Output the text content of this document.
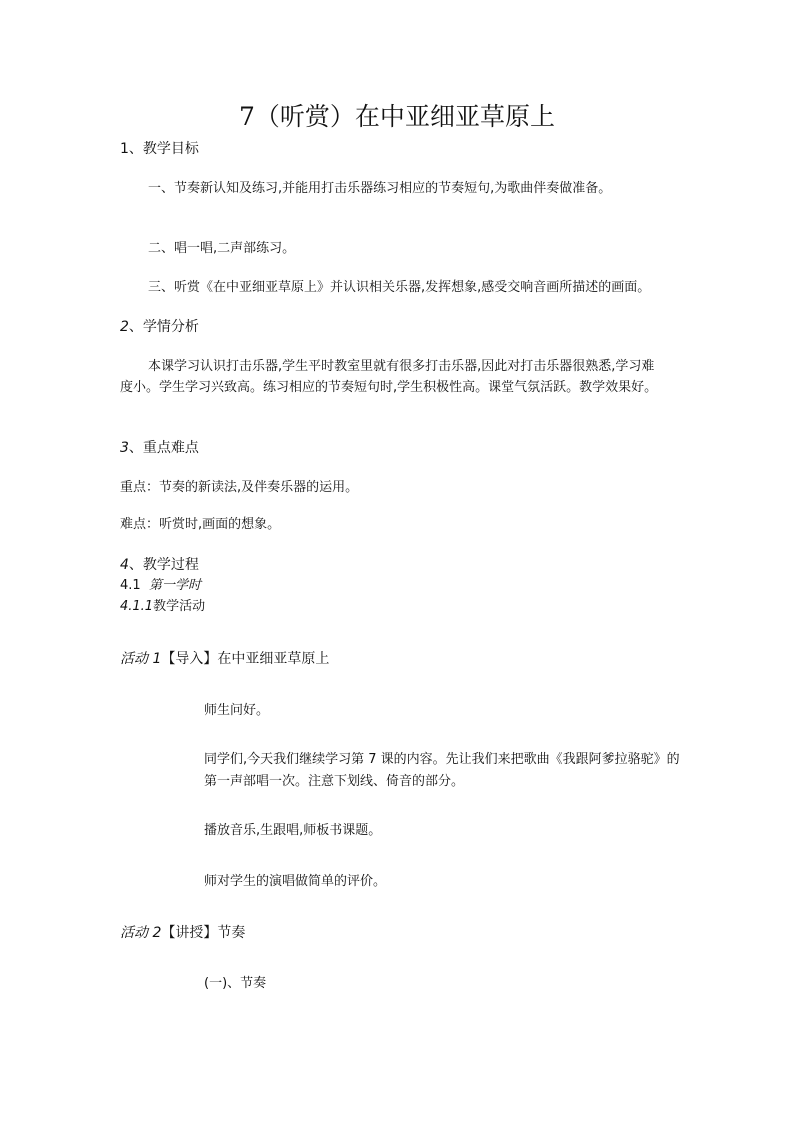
7（听赏）在中亚细亚草原上
1、教学目标
一、节奏新认知及练习,并能用打击乐器练习相应的节奏短句,为歌曲伴奏做准备。
二、唱一唱,二声部练习。
三、听赏《在中亚细亚草原上》并认识相关乐器,发挥想象,感受交响音画所描述的画面。
2、学情分析
本课学习认识打击乐器,学生平时教室里就有很多打击乐器,因此对打击乐器很熟悉,学习难度小。学生学习兴致高。练习相应的节奏短句时,学生积极性高。课堂气氛活跃。教学效果好。
3、重点难点
重点：节奏的新读法,及伴奏乐器的运用。
难点：听赏时,画面的想象。
4、教学过程
4.1 第一学时
4.1.1教学活动
活动 1【导入】在中亚细亚草原上
师生问好。
同学们,今天我们继续学习第 7 课的内容。先让我们来把歌曲《我跟阿爹拉骆驼》的第一声部唱一次。注意下划线、倚音的部分。
播放音乐,生跟唱,师板书课题。
师对学生的演唱做简单的评价。
活动 2【讲授】节奏
(一)、节奏
